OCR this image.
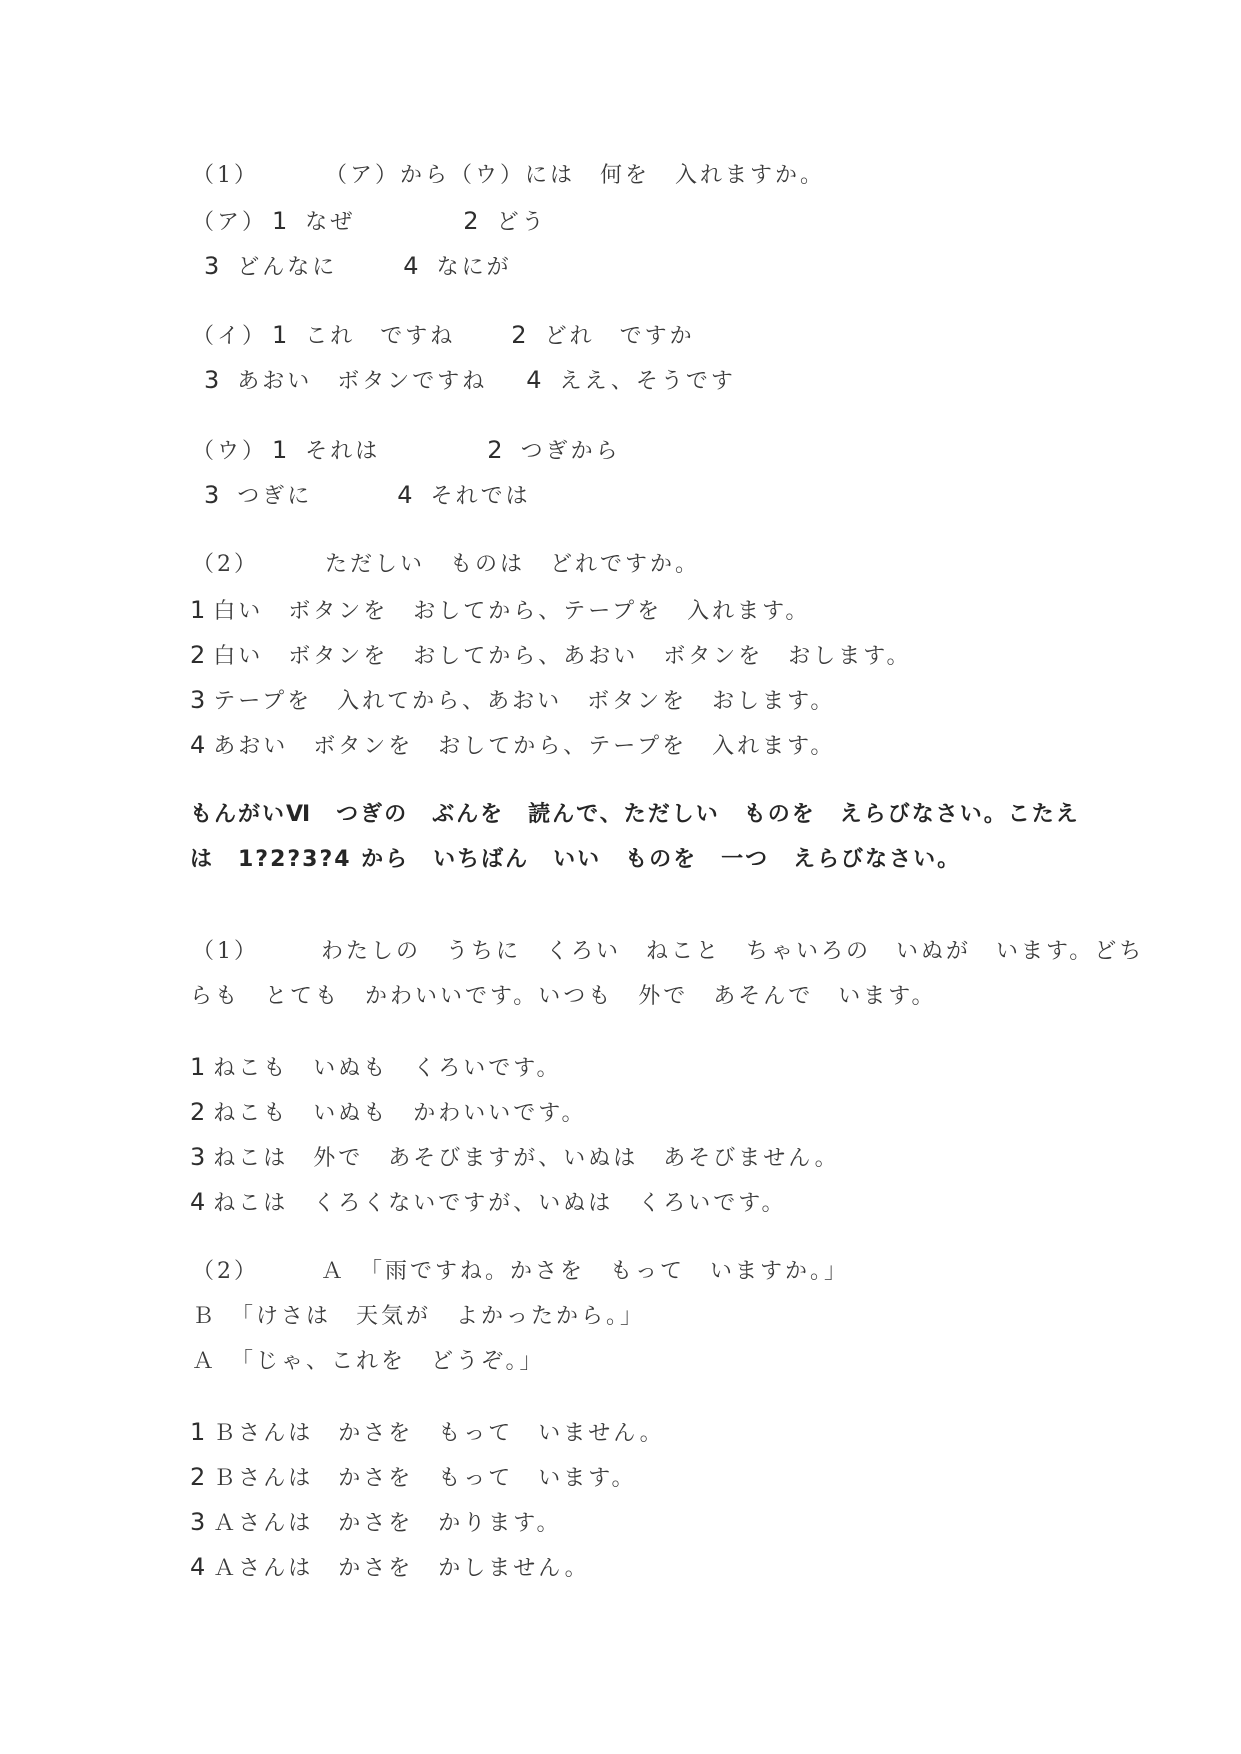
（1）	（ア）から（ウ）には　何を　入れますか。
（ア） 1 なぜ	2 どう
3 どんなに	4 なにが
（イ） 1 これ　ですね 2 どれ　ですか
3 あおい　ボタンですね 4 ええ、そうです
（ウ） 1 それは	2 つぎから
3 つぎに	4 それでは
（2）	ただしい　ものは　どれですか。
1 白い　ボタンを　おしてから、テープを　入れます。
2 白い　ボタンを　おしてから、あおい　ボタンを　おします。
3 テープを　入れてから、あおい　ボタンを　おします。
4 あおい　ボタンを　おしてから、テープを　入れます。
もんがいⅥ　つぎの　ぶんを　読んで、ただしい　ものを　えらびなさい。こたえ
は　1?2?3?4 から　いちばん　いい　ものを　一つ　えらびなさい。
（1）	わたしの　うちに　くろい　ねこと　ちゃいろの　いぬが　います。どち
らも　とても　かわいいです。いつも　外で　あそんで　います。
1 ねこも　いぬも　くろいです。
2 ねこも　いぬも　かわいいです。
3 ねこは　外で　あそびますが、いぬは　あそびません。
4 ねこは　くろくないですが、いぬは　くろいです。
（2）	Ａ　「雨ですね。かさを　もって　いますか。」
Ｂ　「けさは　天気が　よかったから。」
Ａ　「じゃ、これを　どうぞ。」
1 Ｂさんは　かさを　もって　いません。
2 Ｂさんは　かさを　もって　います。
3 Ａさんは　かさを　かります。
4 Ａさんは　かさを　かしません。
